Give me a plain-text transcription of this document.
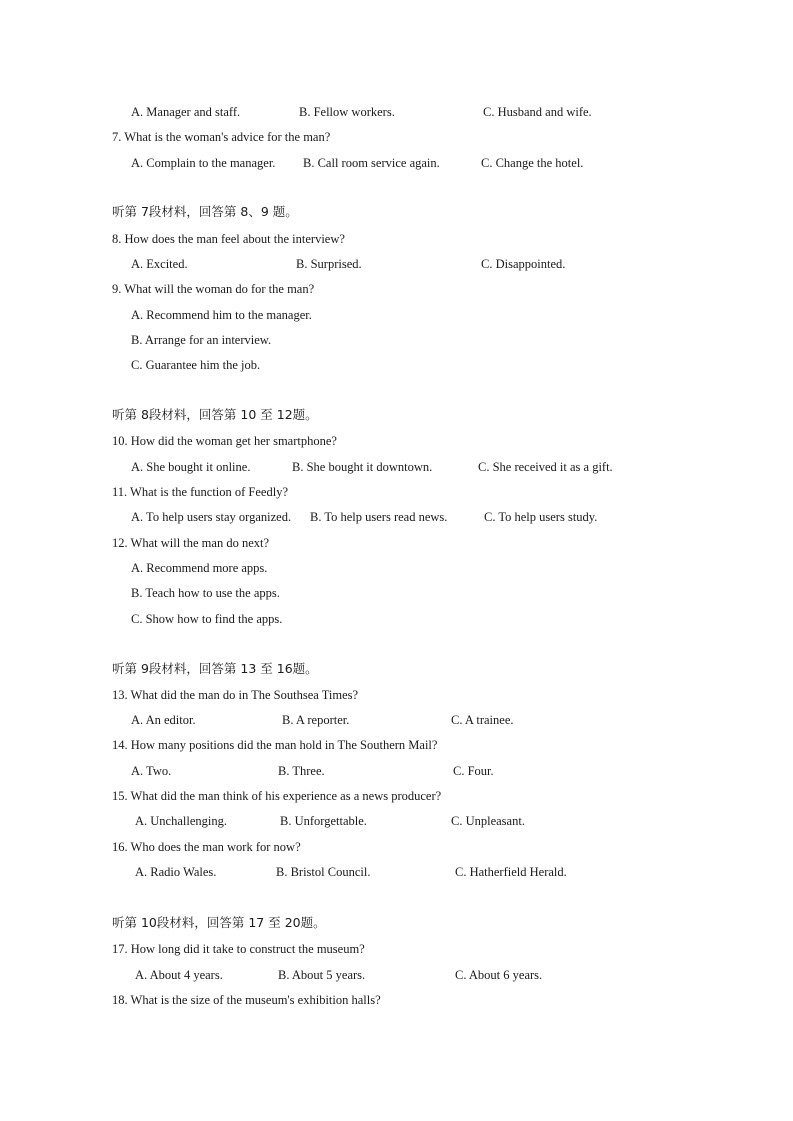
A. Manager and staff.	B. Fellow workers.	C. Husband and wife.
7. What is the woman's advice for the man?
A. Complain to the manager. B. Call room service again.	C. Change the hotel.
听第 7段材料，回答第 8、9 题。
8. How does the man feel about the interview?
A. Excited.	B. Surprised.	C. Disappointed.
9. What will the woman do for the man?
A. Recommend him to the manager.
B. Arrange for an interview.
C. Guarantee him the job.
听第 8段材料，回答第 10 至 12题。
10. How did the woman get her smartphone?
A. She bought it online.	B. She bought it downtown.	C. She received it as a gift.
11. What is the function of Feedly?
A. To help users stay organized. B. To help users read news.	C. To help users study.
12. What will the man do next?
A. Recommend more apps.
B. Teach how to use the apps.
C. Show how to find the apps.
听第 9段材料，回答第 13 至 16题。
13. What did the man do in The Southsea Times?
A. An editor.	B. A reporter.	C. A trainee.
14. How many positions did the man hold in The Southern Mail?
A. Two.	B. Three.	C. Four.
15. What did the man think of his experience as a news producer?
A. Unchallenging.	B. Unforgettable.	C. Unpleasant.
16. Who does the man work for now?
A. Radio Wales.	B. Bristol Council.	C. Hatherfield Herald.
听第 10段材料，回答第 17 至 20题。
17. How long did it take to construct the museum?
A. About 4 years.	B. About 5 years.	C. About 6 years.
18. What is the size of the museum's exhibition halls?
